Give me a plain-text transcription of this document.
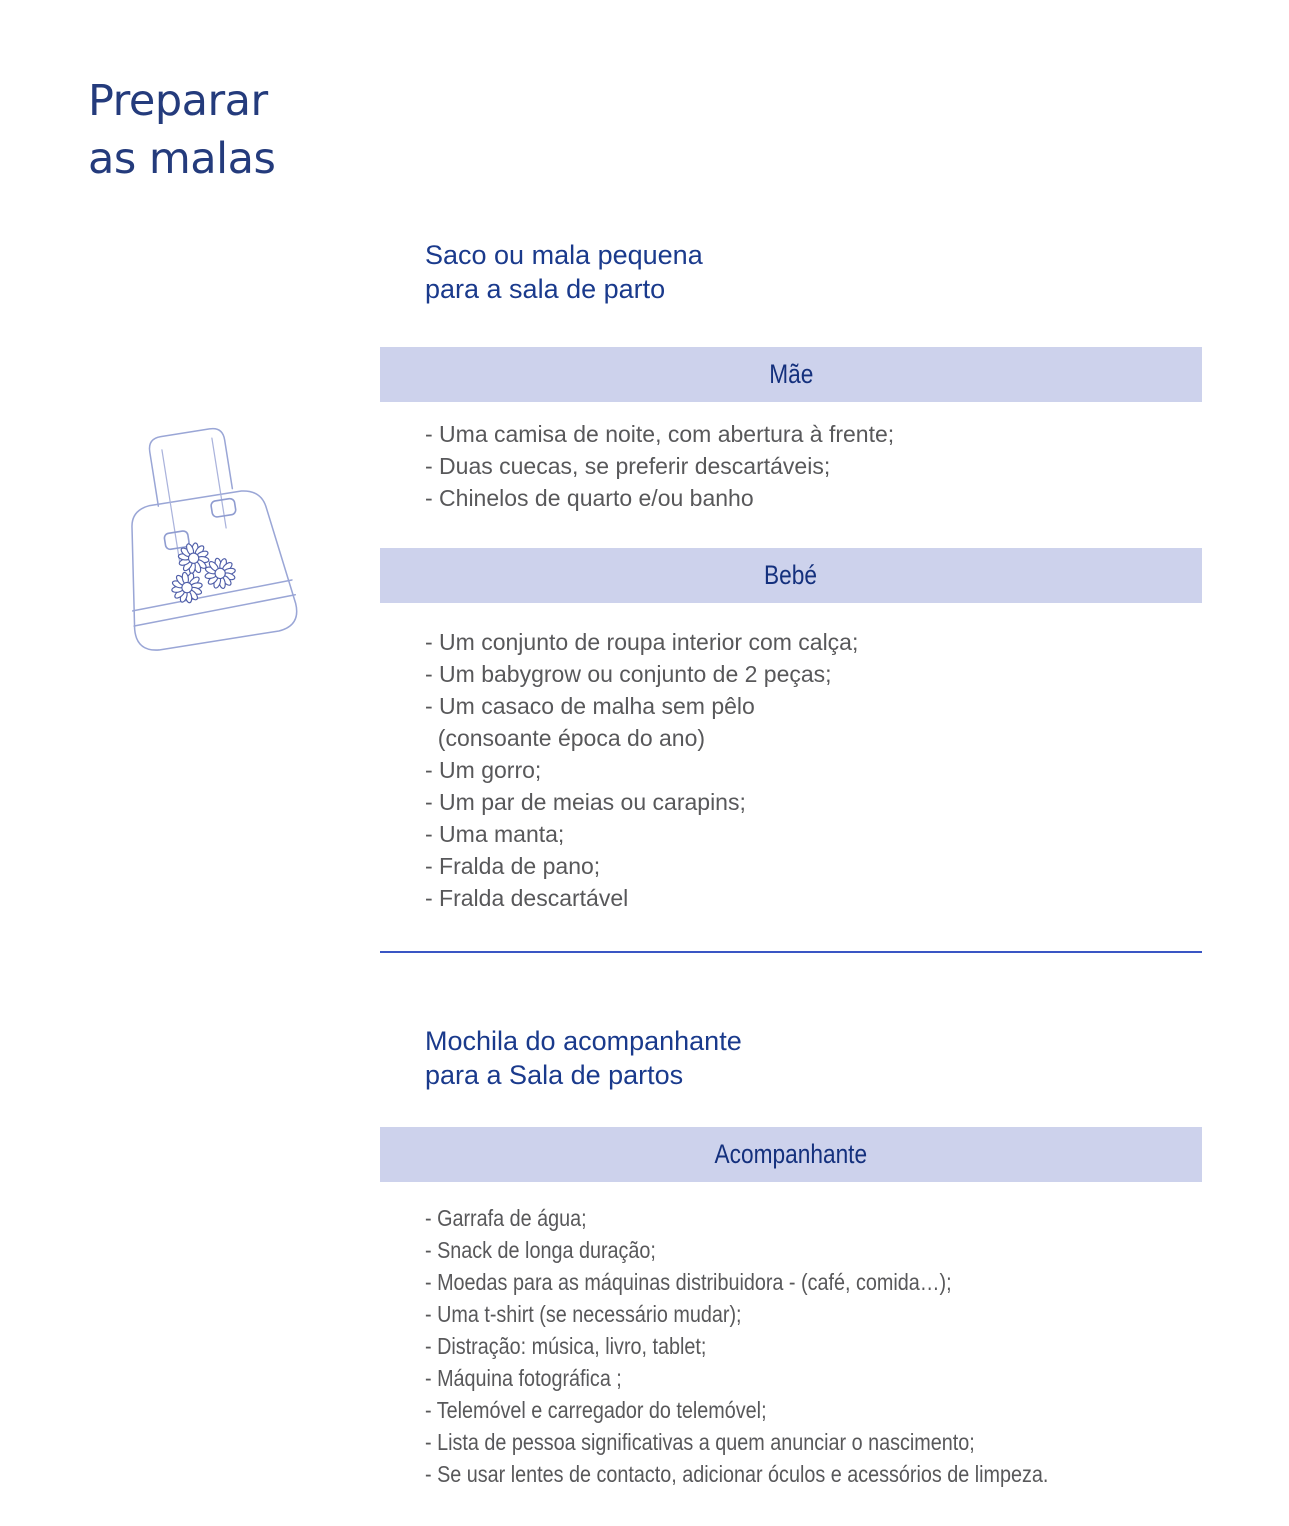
Preparar
as malas
Saco ou mala pequena
para a sala de parto
Mãe
- Uma camisa de noite, com abertura à frente;
- Duas cuecas, se preferir descartáveis;
- Chinelos de quarto e/ou banho
Bebé
- Um conjunto de roupa interior com calça;
- Um babygrow ou conjunto de 2 peças;
- Um casaco de malha sem pêlo
(consoante época do ano)
- Um gorro;
- Um par de meias ou carapins;
- Uma manta;
- Fralda de pano;
- Fralda descartável
Mochila do acompanhante
para a Sala de partos
Acompanhante
- Garrafa de água;
- Snack de longa duração;
- Moedas para as máquinas distribuidora - (café, comida…);
- Uma t-shirt (se necessário mudar);
- Distração: música, livro, tablet;
- Máquina fotográfica ;
- Telemóvel e carregador do telemóvel;
- Lista de pessoa significativas a quem anunciar o nascimento;
- Se usar lentes de contacto, adicionar óculos e acessórios de limpeza.
